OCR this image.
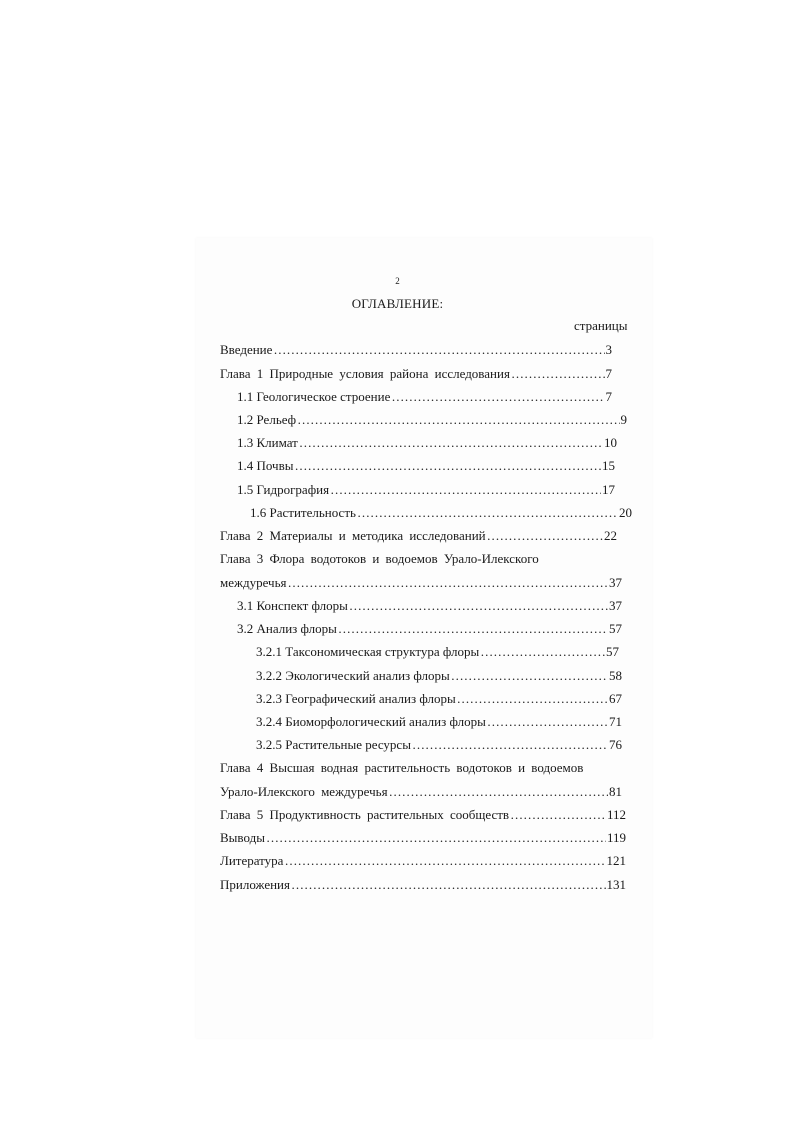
2
ОГЛАВЛЕНИЕ:
страницы
Введение ……………………………………………………………………………………………………………………………………………………………	3
Глава 1 Природные условия района исследования ……………………………………………………………………………………………………………………………………………………………	7
1.1 Геологическое строение ……………………………………………………………………………………………………………………………………………………………	7
1.2 Рельеф ……………………………………………………………………………………………………………………………………………………………	9
1.3 Климат ……………………………………………………………………………………………………………………………………………………………	10
1.4 Почвы ……………………………………………………………………………………………………………………………………………………………	15
1.5 Гидрография ……………………………………………………………………………………………………………………………………………………………	17
1.6 Растительность ……………………………………………………………………………………………………………………………………………………………	20
Глава 2 Материалы и методика исследований ……………………………………………………………………………………………………………………………………………………………	22
Глава 3 Флора водотоков и водоемов Урало-Илекского
междуречья ……………………………………………………………………………………………………………………………………………………………	37
3.1 Конспект флоры ……………………………………………………………………………………………………………………………………………………………	37
3.2 Анализ флоры ……………………………………………………………………………………………………………………………………………………………	57
3.2.1 Таксономическая структура флоры ……………………………………………………………………………………………………………………………………………………………	57
3.2.2 Экологический анализ флоры ……………………………………………………………………………………………………………………………………………………………	58
3.2.3 Географический анализ флоры ……………………………………………………………………………………………………………………………………………………………	67
3.2.4 Биоморфологический анализ флоры ……………………………………………………………………………………………………………………………………………………………	71
3.2.5 Растительные ресурсы ……………………………………………………………………………………………………………………………………………………………	76
Глава 4 Высшая водная растительность водотоков и водоемов
Урало-Илекского междуречья ……………………………………………………………………………………………………………………………………………………………	81
Глава 5 Продуктивность растительных сообществ ……………………………………………………………………………………………………………………………………………………………	112
Выводы ……………………………………………………………………………………………………………………………………………………………	119
Литература ……………………………………………………………………………………………………………………………………………………………	121
Приложения ……………………………………………………………………………………………………………………………………………………………	131
